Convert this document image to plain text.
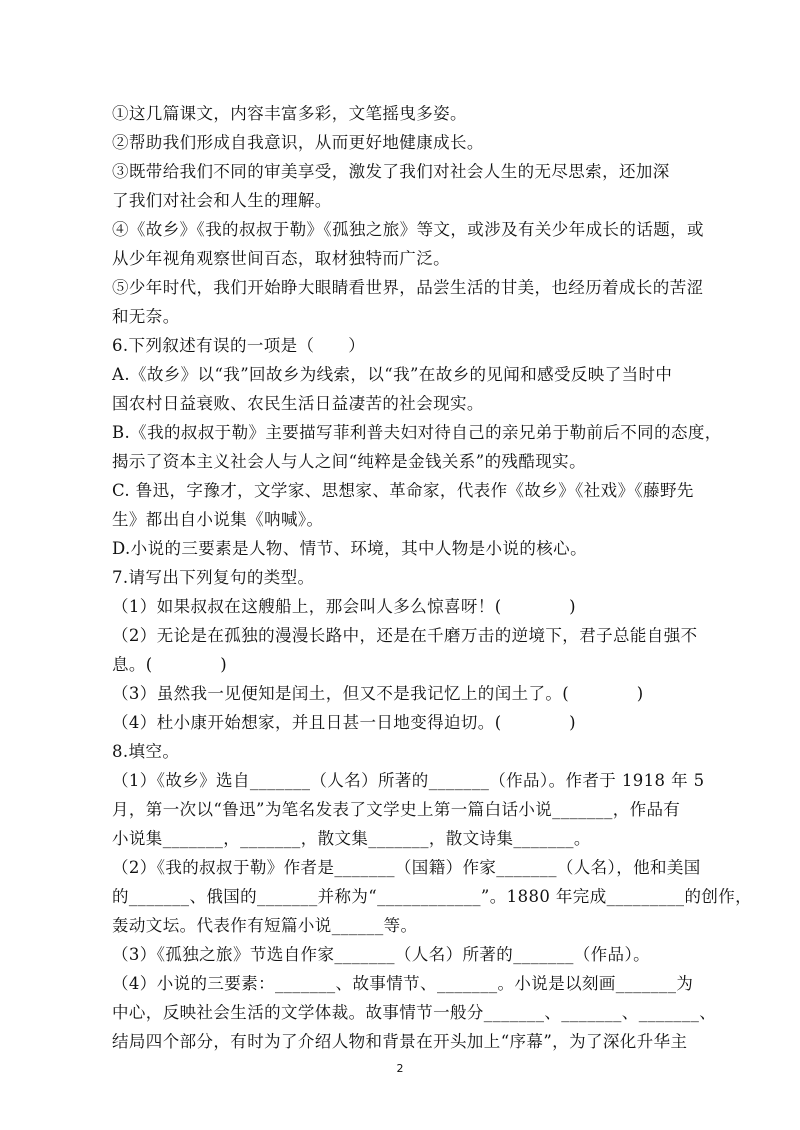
①这几篇课文，内容丰富多彩，文笔摇曳多姿。
②帮助我们形成自我意识，从而更好地健康成长。
③既带给我们不同的审美享受，激发了我们对社会人生的无尽思索，还加深
了我们对社会和人生的理解。
④《故乡》《我的叔叔于勒》《孤独之旅》等文，或涉及有关少年成长的话题，或
从少年视角观察世间百态，取材独特而广泛。
⑤少年时代，我们开始睁大眼睛看世界，品尝生活的甘美，也经历着成长的苦涩
和无奈。
6.下列叙述有误的一项是（　　）
A.《故乡》以“我”回故乡为线索，以“我”在故乡的见闻和感受反映了当时中
国农村日益衰败、农民生活日益凄苦的社会现实。
B.《我的叔叔于勒》主要描写菲利普夫妇对待自己的亲兄弟于勒前后不同的态度，
揭示了资本主义社会人与人之间“纯粹是金钱关系”的残酷现实。
C. 鲁迅，字豫才，文学家、思想家、革命家，代表作《故乡》《社戏》《藤野先
生》都出自小说集《呐喊》。
D.小说的三要素是人物、情节、环境，其中人物是小说的核心。
7.请写出下列复句的类型。
（1）如果叔叔在这艘船上，那会叫人多么惊喜呀！(　　　　)
（2）无论是在孤独的漫漫长路中，还是在千磨万击的逆境下，君子总能自强不
息。(　　　　)
（3）虽然我一见便知是闰土，但又不是我记忆上的闰土了。(　　　　)
（4）杜小康开始想家，并且日甚一日地变得迫切。(　　　　)
8.填空。
（1）《故乡》选自_______（人名）所著的_______（作品）。作者于 1918 年 5
月，第一次以“鲁迅”为笔名发表了文学史上第一篇白话小说_______，作品有
小说集_______，_______，散文集_______，散文诗集_______。
（2）《我的叔叔于勒》作者是_______（国籍）作家_______（人名），他和美国
的_______、俄国的_______并称为“____________”。1880 年完成_________的创作，
轰动文坛。代表作有短篇小说______等。
（3）《孤独之旅》节选自作家_______（人名）所著的_______（作品）。
（4）小说的三要素：_______、故事情节、_______。小说是以刻画_______为
中心，反映社会生活的文学体裁。故事情节一般分_______、_______、_______、
结局四个部分，有时为了介绍人物和背景在开头加上“序幕”，为了深化升华主
2
